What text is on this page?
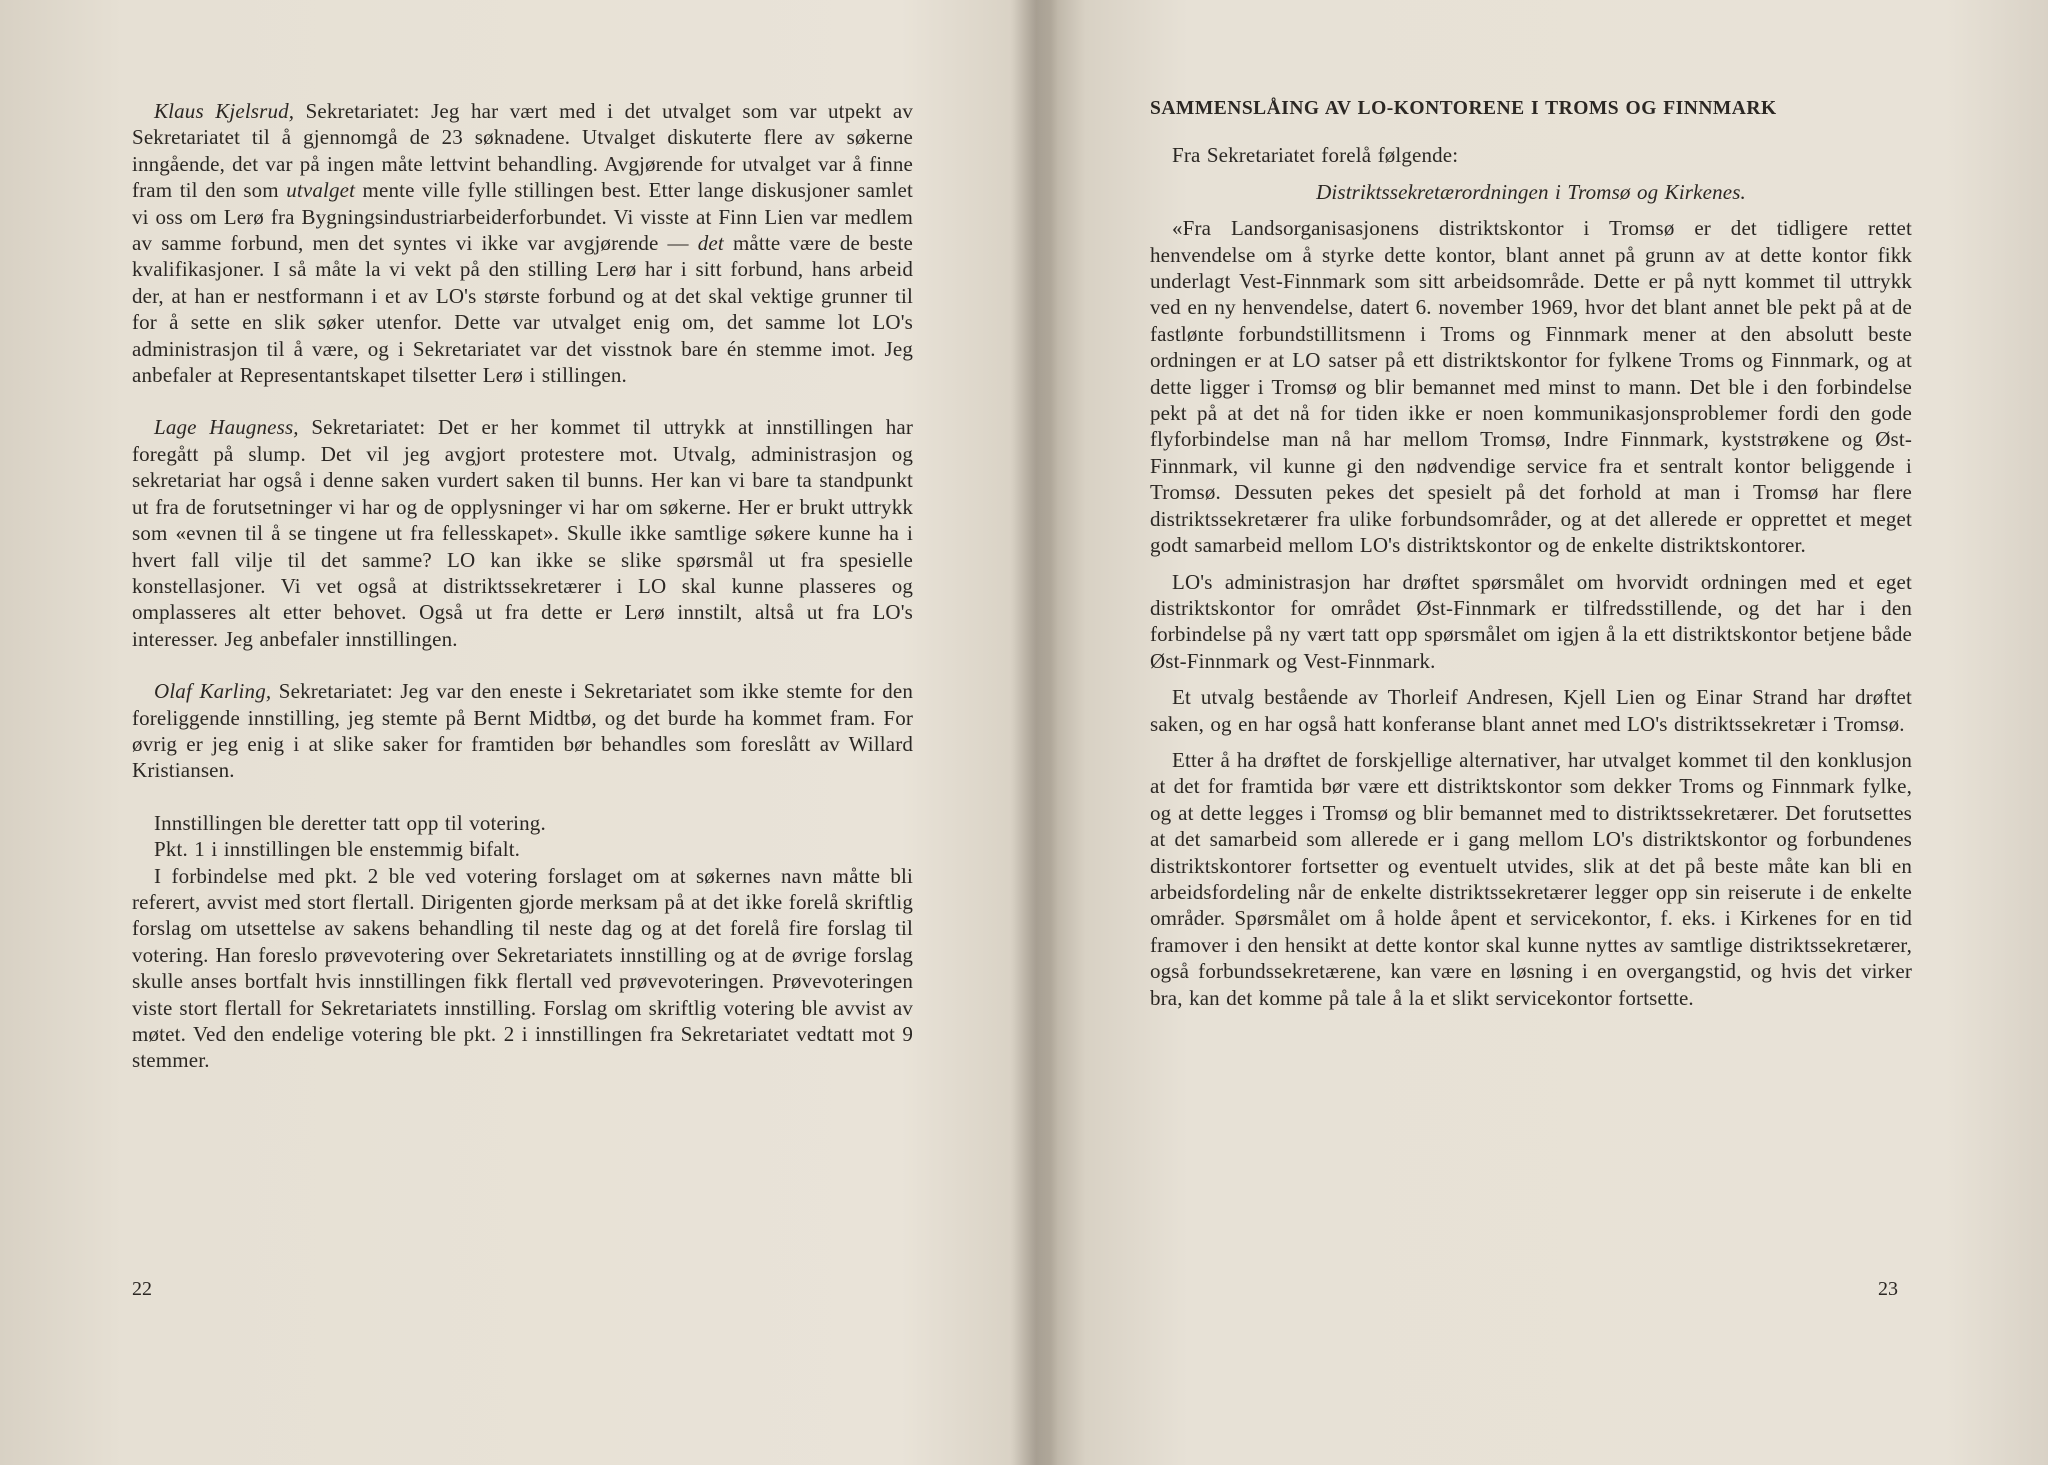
Klaus Kjelsrud, Sekretariatet: Jeg har vært med i det utvalget som var utpekt av Sekretariatet til å gjennomgå de 23 søknadene. Utvalget diskuterte flere av søkerne inngående, det var på ingen måte lettvint behandling. Avgjørende for utvalget var å finne fram til den som utvalget mente ville fylle stillingen best. Etter lange diskusjoner samlet vi oss om Lerø fra Bygningsindustriarbeiderforbundet. Vi visste at Finn Lien var medlem av samme forbund, men det syntes vi ikke var avgjørende — det måtte være de beste kvalifikasjoner. I så måte la vi vekt på den stilling Lerø har i sitt forbund, hans arbeid der, at han er nestformann i et av LO's største forbund og at det skal vektige grunner til for å sette en slik søker utenfor. Dette var utvalget enig om, det samme lot LO's administrasjon til å være, og i Sekretariatet var det visstnok bare én stemme imot. Jeg anbefaler at Representantskapet tilsetter Lerø i stillingen.

Lage Haugness, Sekretariatet: Det er her kommet til uttrykk at innstillingen har foregått på slump. Det vil jeg avgjort protestere mot. Utvalg, administrasjon og sekretariat har også i denne saken vurdert saken til bunns. Her kan vi bare ta standpunkt ut fra de forutsetninger vi har og de opplysninger vi har om søkerne. Her er brukt uttrykk som «evnen til å se tingene ut fra fellesskapet». Skulle ikke samtlige søkere kunne ha i hvert fall vilje til det samme? LO kan ikke se slike spørsmål ut fra spesielle konstellasjoner. Vi vet også at distriktssekretærer i LO skal kunne plasseres og omplasseres alt etter behovet. Også ut fra dette er Lerø innstilt, altså ut fra LO's interesser. Jeg anbefaler innstillingen.

Olaf Karling, Sekretariatet: Jeg var den eneste i Sekretariatet som ikke stemte for den foreliggende innstilling, jeg stemte på Bernt Midtbø, og det burde ha kommet fram. For øvrig er jeg enig i at slike saker for framtiden bør behandles som foreslått av Willard Kristiansen.

Innstillingen ble deretter tatt opp til votering.

Pkt. 1 i innstillingen ble enstemmig bifalt.

I forbindelse med pkt. 2 ble ved votering forslaget om at søkernes navn måtte bli referert, avvist med stort flertall. Dirigenten gjorde merksam på at det ikke forelå skriftlig forslag om utsettelse av sakens behandling til neste dag og at det forelå fire forslag til votering. Han foreslo prøvevotering over Sekretariatets innstilling og at de øvrige forslag skulle anses bortfalt hvis innstillingen fikk flertall ved prøvevoteringen. Prøvevoteringen viste stort flertall for Sekretariatets innstilling. Forslag om skriftlig votering ble avvist av møtet. Ved den endelige votering ble pkt. 2 i innstillingen fra Sekretariatet vedtatt mot 9 stemmer.

22

SAMMENSLÅING AV LO-KONTORENE I TROMS OG FINNMARK

Fra Sekretariatet forelå følgende:

Distriktssekretærordningen i Tromsø og Kirkenes.

«Fra Landsorganisasjonens distriktskontor i Tromsø er det tidligere rettet henvendelse om å styrke dette kontor, blant annet på grunn av at dette kontor fikk underlagt Vest-Finnmark som sitt arbeidsområde. Dette er på nytt kommet til uttrykk ved en ny henvendelse, datert 6. november 1969, hvor det blant annet ble pekt på at de fastlønte forbundstillitsmenn i Troms og Finnmark mener at den absolutt beste ordningen er at LO satser på ett distriktskontor for fylkene Troms og Finnmark, og at dette ligger i Tromsø og blir bemannet med minst to mann. Det ble i den forbindelse pekt på at det nå for tiden ikke er noen kommunikasjonsproblemer fordi den gode flyforbindelse man nå har mellom Tromsø, Indre Finnmark, kyststrøkene og Øst-Finnmark, vil kunne gi den nødvendige service fra et sentralt kontor beliggende i Tromsø. Dessuten pekes det spesielt på det forhold at man i Tromsø har flere distriktssekretærer fra ulike forbundsområder, og at det allerede er opprettet et meget godt samarbeid mellom LO's distriktskontor og de enkelte distriktskontorer.

LO's administrasjon har drøftet spørsmålet om hvorvidt ordningen med et eget distriktskontor for området Øst-Finnmark er tilfredsstillende, og det har i den forbindelse på ny vært tatt opp spørsmålet om igjen å la ett distriktskontor betjene både Øst-Finnmark og Vest-Finnmark.

Et utvalg bestående av Thorleif Andresen, Kjell Lien og Einar Strand har drøftet saken, og en har også hatt konferanse blant annet med LO's distriktssekretær i Tromsø.

Etter å ha drøftet de forskjellige alternativer, har utvalget kommet til den konklusjon at det for framtida bør være ett distriktskontor som dekker Troms og Finnmark fylke, og at dette legges i Tromsø og blir bemannet med to distriktssekretærer. Det forutsettes at det samarbeid som allerede er i gang mellom LO's distriktskontor og forbundenes distriktskontorer fortsetter og eventuelt utvides, slik at det på beste måte kan bli en arbeidsfordeling når de enkelte distriktssekretærer legger opp sin reiserute i de enkelte områder. Spørsmålet om å holde åpent et servicekontor, f. eks. i Kirkenes for en tid framover i den hensikt at dette kontor skal kunne nyttes av samtlige distriktssekretærer, også forbundssekretærene, kan være en løsning i en overgangstid, og hvis det virker bra, kan det komme på tale å la et slikt servicekontor fortsette.

23
